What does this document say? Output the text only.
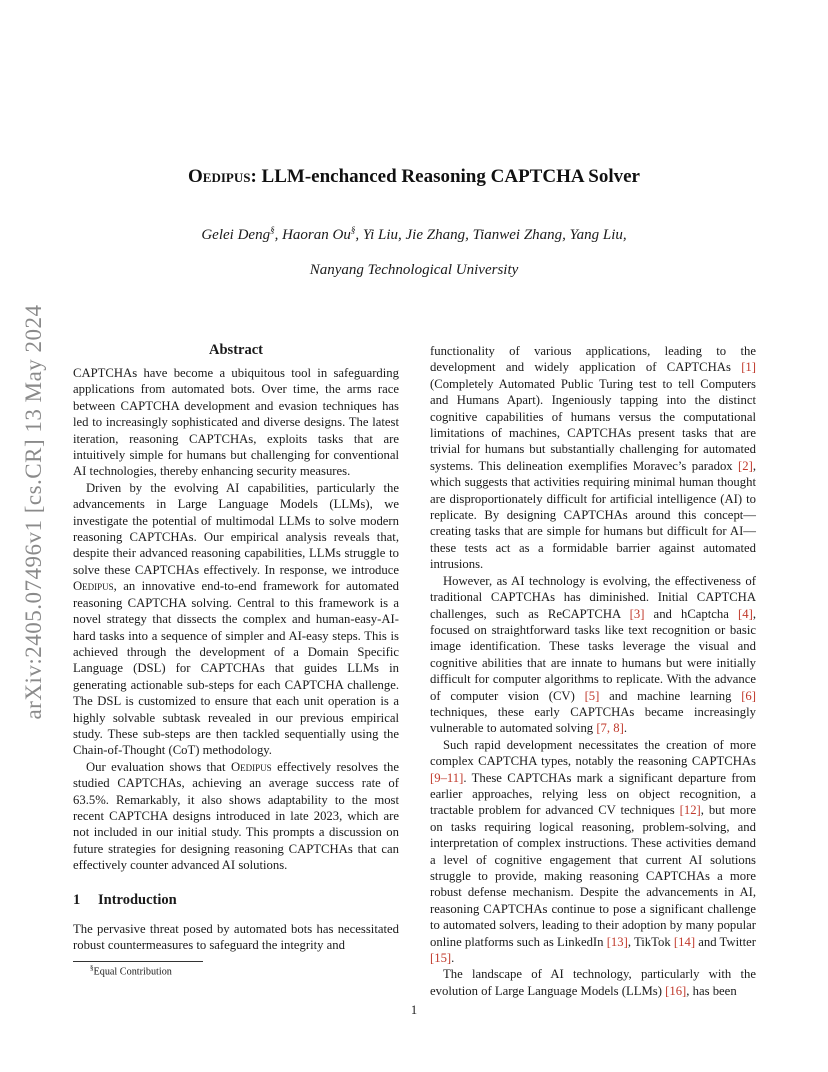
arXiv:2405.07496v1 [cs.CR] 13 May 2024
Oedipus: LLM-enchanced Reasoning CAPTCHA Solver
Gelei Deng§, Haoran Ou§, Yi Liu, Jie Zhang, Tianwei Zhang, Yang Liu,
Nanyang Technological University

Abstract

CAPTCHAs have become a ubiquitous tool in safeguarding applications from automated bots. Over time, the arms race between CAPTCHA development and evasion techniques has led to increasingly sophisticated and diverse designs. The latest iteration, reasoning CAPTCHAs, exploits tasks that are intuitively simple for humans but challenging for conventional AI technologies, thereby enhancing security measures.

Driven by the evolving AI capabilities, particularly the advancements in Large Language Models (LLMs), we investigate the potential of multimodal LLMs to solve modern reasoning CAPTCHAs. Our empirical analysis reveals that, despite their advanced reasoning capabilities, LLMs struggle to solve these CAPTCHAs effectively. In response, we introduce Oedipus, an innovative end-to-end framework for automated reasoning CAPTCHA solving. Central to this framework is a novel strategy that dissects the complex and human-easy-AI-hard tasks into a sequence of simpler and AI-easy steps. This is achieved through the development of a Domain Specific Language (DSL) for CAPTCHAs that guides LLMs in generating actionable sub-steps for each CAPTCHA challenge. The DSL is customized to ensure that each unit operation is a highly solvable subtask revealed in our previous empirical study. These sub-steps are then tackled sequentially using the Chain-of-Thought (CoT) methodology.

Our evaluation shows that Oedipus effectively resolves the studied CAPTCHAs, achieving an average success rate of 63.5%. Remarkably, it also shows adaptability to the most recent CAPTCHA designs introduced in late 2023, which are not included in our initial study. This prompts a discussion on future strategies for designing reasoning CAPTCHAs that can effectively counter advanced AI solutions.

1 Introduction

The pervasive threat posed by automated bots has necessitated robust countermeasures to safeguard the integrity and

§Equal Contribution

functionality of various applications, leading to the development and widely application of CAPTCHAs [1] (Completely Automated Public Turing test to tell Computers and Humans Apart). Ingeniously tapping into the distinct cognitive capabilities of humans versus the computational limitations of machines, CAPTCHAs present tasks that are trivial for humans but substantially challenging for automated systems. This delineation exemplifies Moravec’s paradox [2], which suggests that activities requiring minimal human thought are disproportionately difficult for artificial intelligence (AI) to replicate. By designing CAPTCHAs around this concept—creating tasks that are simple for humans but difficult for AI—these tests act as a formidable barrier against automated intrusions.

However, as AI technology is evolving, the effectiveness of traditional CAPTCHAs has diminished. Initial CAPTCHA challenges, such as ReCAPTCHA [3] and hCaptcha [4], focused on straightforward tasks like text recognition or basic image identification. These tasks leverage the visual and cognitive abilities that are innate to humans but were initially difficult for computer algorithms to replicate. With the advance of computer vision (CV) [5] and machine learning [6] techniques, these early CAPTCHAs became increasingly vulnerable to automated solving [7, 8].

Such rapid development necessitates the creation of more complex CAPTCHA types, notably the reasoning CAPTCHAs [9–11]. These CAPTCHAs mark a significant departure from earlier approaches, relying less on object recognition, a tractable problem for advanced CV techniques [12], but more on tasks requiring logical reasoning, problem-solving, and interpretation of complex instructions. These activities demand a level of cognitive engagement that current AI solutions struggle to provide, making reasoning CAPTCHAs a more robust defense mechanism. Despite the advancements in AI, reasoning CAPTCHAs continue to pose a significant challenge to automated solvers, leading to their adoption by many popular online platforms such as LinkedIn [13], TikTok [14] and Twitter [15].

The landscape of AI technology, particularly with the evolution of Large Language Models (LLMs) [16], has been

1
